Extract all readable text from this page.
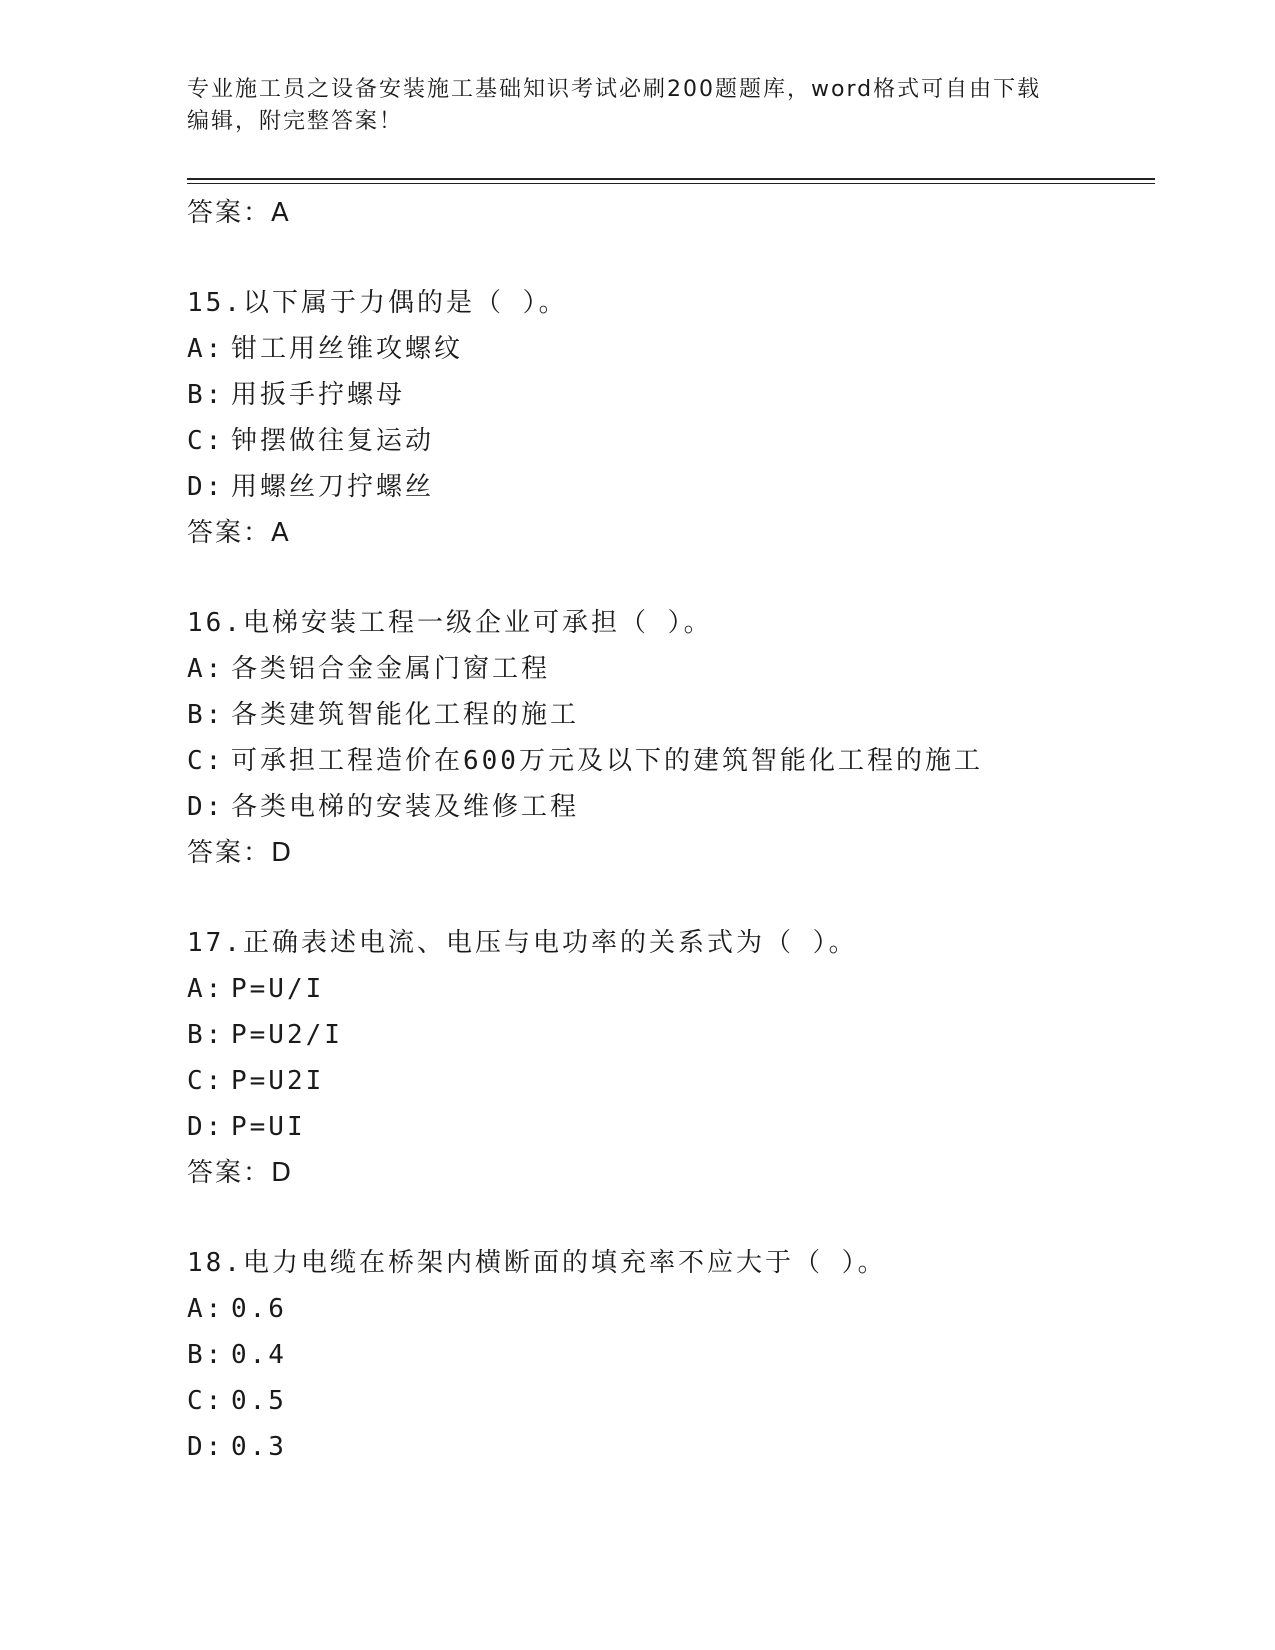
专业施工员之设备安装施工基础知识考试必刷200题题库，word格式可自由下载
编辑，附完整答案！
答案：A
15.以下属于力偶的是（ ）。
A: 钳工用丝锥攻螺纹
B: 用扳手拧螺母
C: 钟摆做往复运动
D: 用螺丝刀拧螺丝
答案：A
16.电梯安装工程一级企业可承担（ ）。
A: 各类铝合金金属门窗工程
B: 各类建筑智能化工程的施工
C: 可承担工程造价在600万元及以下的建筑智能化工程的施工
D: 各类电梯的安装及维修工程
答案：D
17.正确表述电流、电压与电功率的关系式为（ ）。
A: P=U/I
B: P=U2/I
C: P=U2I
D: P=UI
答案：D
18.电力电缆在桥架内横断面的填充率不应大于（ ）。
A: 0.6
B: 0.4
C: 0.5
D: 0.3
